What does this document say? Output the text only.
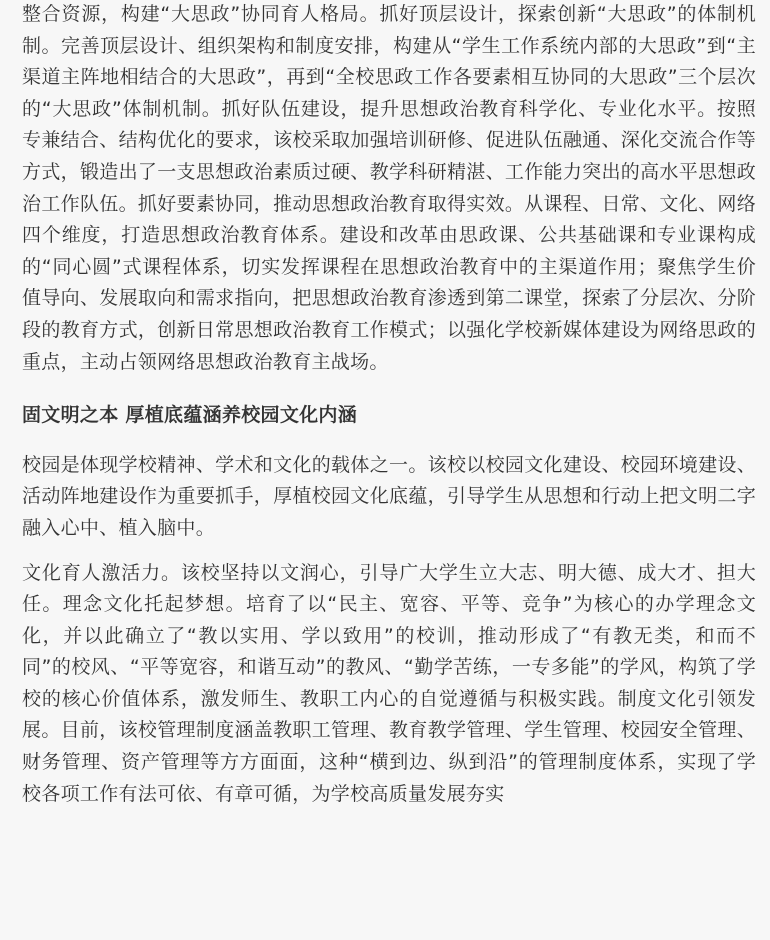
整合资源，构建“大思政”协同育人格局。抓好顶层设计，探索创新“大思政”的体制机制。完善顶层设计、组织架构和制度安排，构建从“学生工作系统内部的大思政”到“主渠道主阵地相结合的大思政”，再到“全校思政工作各要素相互协同的大思政”三个层次的“大思政”体制机制。抓好队伍建设，提升思想政治教育科学化、专业化水平。按照专兼结合、结构优化的要求，该校采取加强培训研修、促进队伍融通、深化交流合作等方式，锻造出了一支思想政治素质过硬、教学科研精湛、工作能力突出的高水平思想政治工作队伍。抓好要素协同，推动思想政治教育取得实效。从课程、日常、文化、网络四个维度，打造思想政治教育体系。建设和改革由思政课、公共基础课和专业课构成的“同心圆”式课程体系，切实发挥课程在思想政治教育中的主渠道作用；聚焦学生价值导向、发展取向和需求指向，把思想政治教育渗透到第二课堂，探索了分层次、分阶段的教育方式，创新日常思想政治教育工作模式；以强化学校新媒体建设为网络思政的重点，主动占领网络思想政治教育主战场。

固文明之本 厚植底蕴涵养校园文化内涵

校园是体现学校精神、学术和文化的载体之一。该校以校园文化建设、校园环境建设、活动阵地建设作为重要抓手，厚植校园文化底蕴，引导学生从思想和行动上把文明二字融入心中、植入脑中。

文化育人激活力。该校坚持以文润心，引导广大学生立大志、明大德、成大才、担大任。理念文化托起梦想。培育了以“民主、宽容、平等、竞争”为核心的办学理念文化，并以此确立了“教以实用、学以致用”的校训，推动形成了“有教无类，和而不同”的校风、“平等宽容，和谐互动”的教风、“勤学苦练，一专多能”的学风，构筑了学校的核心价值体系，激发师生、教职工内心的自觉遵循与积极实践。制度文化引领发展。目前，该校管理制度涵盖教职工管理、教育教学管理、学生管理、校园安全管理、财务管理、资产管理等方方面面，这种“横到边、纵到沿”的管理制度体系，实现了学校各项工作有法可依、有章可循，为学校高质量发展夯实
